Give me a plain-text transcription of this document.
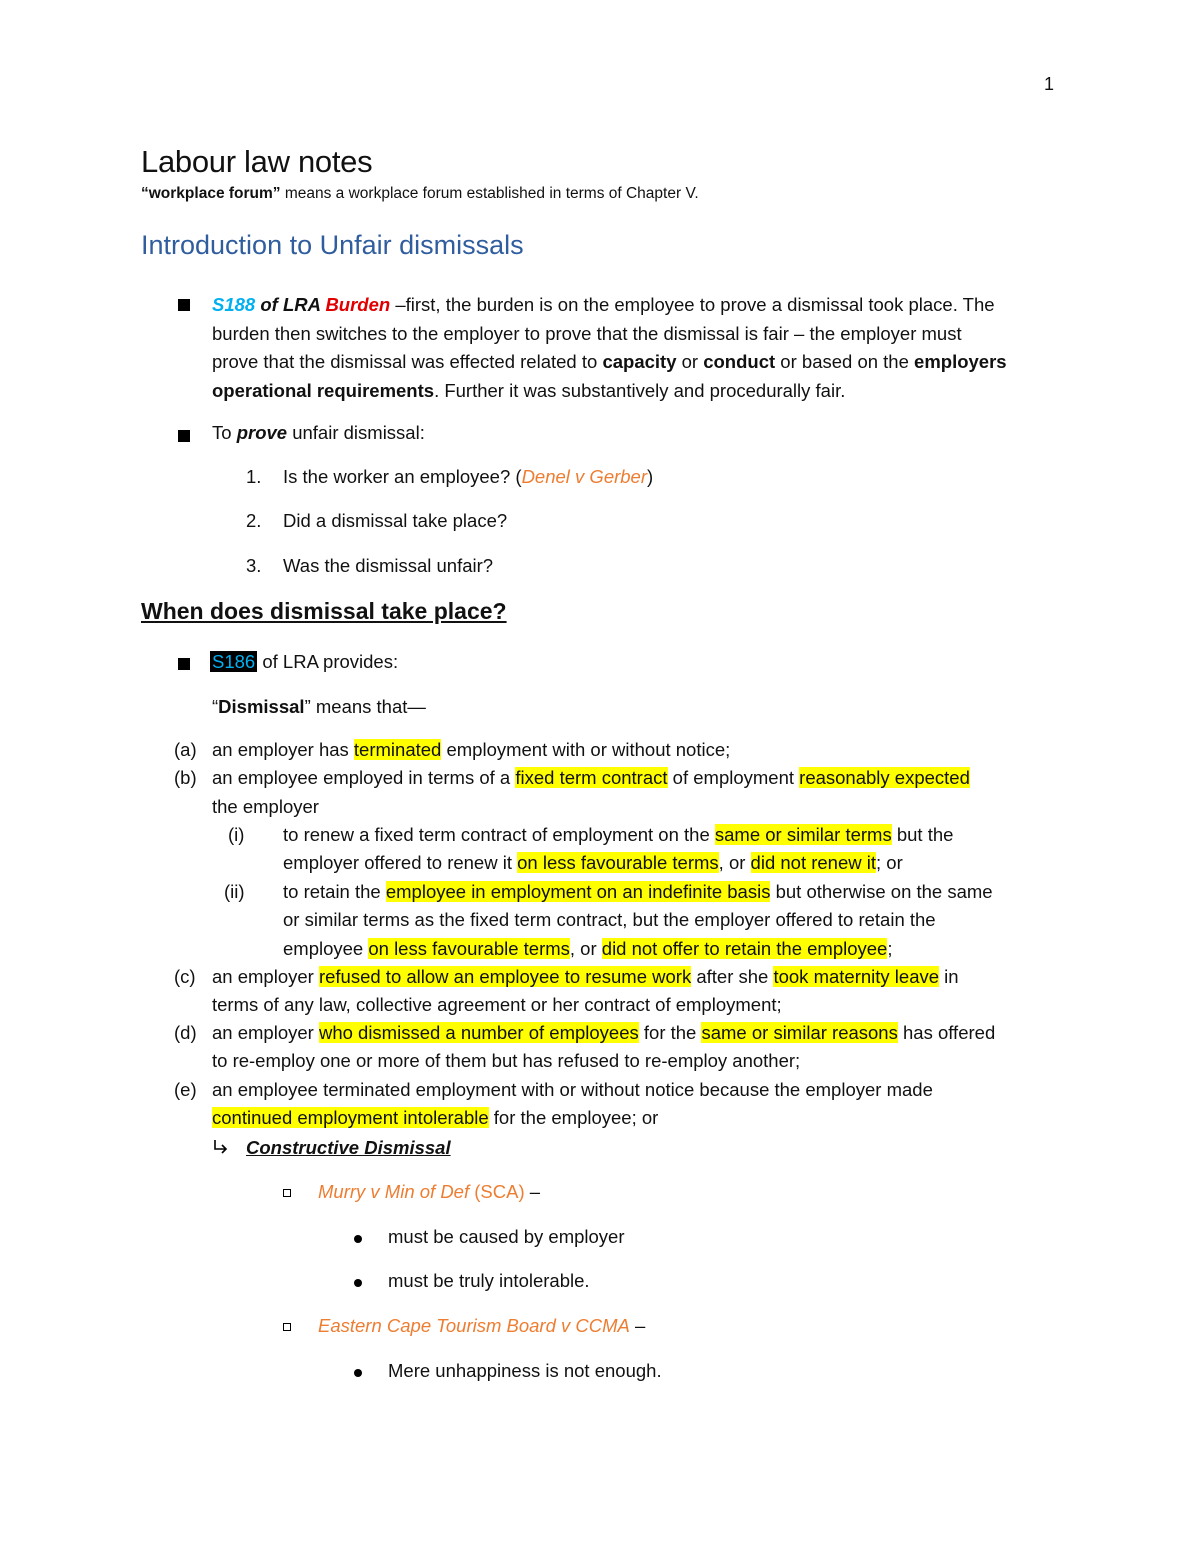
1
Labour law notes
“workplace forum” means a workplace forum established in terms of Chapter V.
Introduction to Unfair dismissals
S188 of LRA Burden –first, the burden is on the employee to prove a dismissal took place. The
burden then switches to the employer to prove that the dismissal is fair – the employer must
prove that the dismissal was effected related to capacity or conduct or based on the employers
operational requirements. Further it was substantively and procedurally fair.
To prove unfair dismissal:
1. Is the worker an employee? (Denel v Gerber)
2. Did a dismissal take place?
3. Was the dismissal unfair?
When does dismissal take place?
S186 of LRA provides:
“Dismissal” means that—
(a) an employer has terminated employment with or without notice;
(b) an employee employed in terms of a fixed term contract of employment reasonably expected
the employer
(i) to renew a fixed term contract of employment on the same or similar terms but the
employer offered to renew it on less favourable terms, or did not renew it; or
(ii) to retain the employee in employment on an indefinite basis but otherwise on the same
or similar terms as the fixed term contract, but the employer offered to retain the
employee on less favourable terms, or did not offer to retain the employee;
(c) an employer refused to allow an employee to resume work after she took maternity leave in
terms of any law, collective agreement or her contract of employment;
(d) an employer who dismissed a number of employees for the same or similar reasons has offered
to re-employ one or more of them but has refused to re-employ another;
(e) an employee terminated employment with or without notice because the employer made
continued employment intolerable for the employee; or
Constructive Dismissal
Murry v Min of Def (SCA) –
must be caused by employer
must be truly intolerable.
Eastern Cape Tourism Board v CCMA –
Mere unhappiness is not enough.
